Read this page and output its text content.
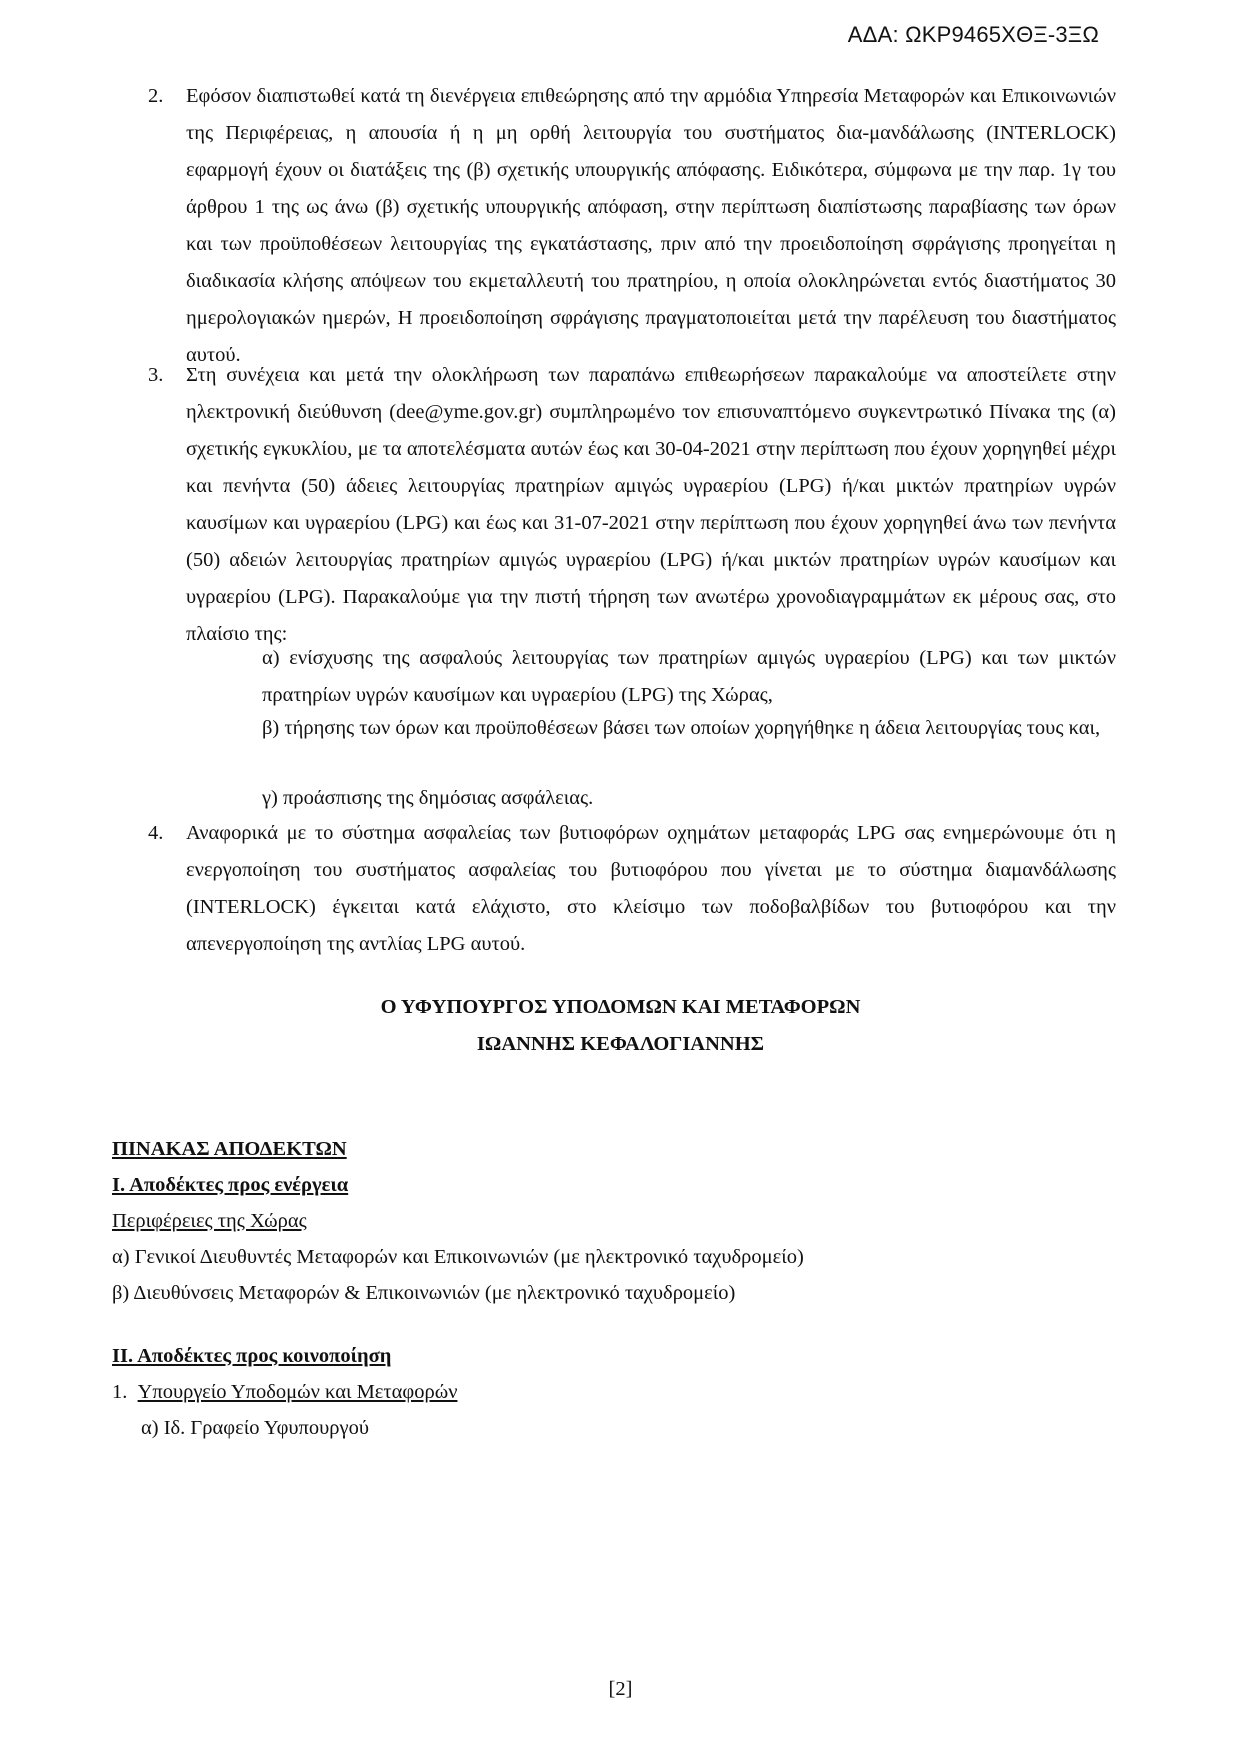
ΑΔΑ: ΩΚΡ9465ΧΘΞ-3ΞΩ
2.	Εφόσον διαπιστωθεί κατά τη διενέργεια επιθεώρησης από την αρμόδια Υπηρεσία Μεταφορών και Επικοινωνιών της Περιφέρειας, η απουσία ή η μη ορθή λειτουργία του συστήματος δια-μανδάλωσης (INTERLOCK) εφαρμογή έχουν οι διατάξεις της (β) σχετικής υπουργικής απόφασης. Ειδικότερα, σύμφωνα με την παρ. 1γ του άρθρου 1 της ως άνω (β) σχετικής υπουργικής απόφαση, στην περίπτωση διαπίστωσης παραβίασης των όρων και των προϋποθέσεων λειτουργίας της εγκατάστασης, πριν από την προειδοποίηση σφράγισης προηγείται η διαδικασία κλήσης απόψεων του εκμεταλλευτή του πρατηρίου, η οποία ολοκληρώνεται εντός διαστήματος 30 ημερολογιακών ημερών, Η προειδοποίηση σφράγισης πραγματοποιείται μετά την παρέλευση του διαστήματος αυτού.
3.	Στη συνέχεια και μετά την ολοκλήρωση των παραπάνω επιθεωρήσεων παρακαλούμε να αποστείλετε στην ηλεκτρονική διεύθυνση (dee@yme.gov.gr) συμπληρωμένο τον επισυναπτόμενο συγκεντρωτικό Πίνακα της (α) σχετικής εγκυκλίου, με τα αποτελέσματα αυτών έως και 30-04-2021 στην περίπτωση που έχουν χορηγηθεί μέχρι και πενήντα (50) άδειες λειτουργίας πρατηρίων αμιγώς υγραερίου (LPG) ή/και μικτών πρατηρίων υγρών καυσίμων και υγραερίου (LPG) και έως και 31-07-2021 στην περίπτωση που έχουν χορηγηθεί άνω των πενήντα (50) αδειών λειτουργίας πρατηρίων αμιγώς υγραερίου (LPG) ή/και μικτών πρατηρίων υγρών καυσίμων και υγραερίου (LPG). Παρακαλούμε για την πιστή τήρηση των ανωτέρω χρονοδιαγραμμάτων εκ μέρους σας, στο πλαίσιο της:
α) ενίσχυσης της ασφαλούς λειτουργίας των πρατηρίων αμιγώς υγραερίου (LPG) και των μικτών πρατηρίων υγρών καυσίμων και υγραερίου (LPG) της Χώρας,
β) τήρησης των όρων και προϋποθέσεων βάσει των οποίων χορηγήθηκε η άδεια λειτουργίας τους και,
γ) προάσπισης της δημόσιας ασφάλειας.
4.	Αναφορικά με το σύστημα ασφαλείας των βυτιοφόρων οχημάτων μεταφοράς LPG σας ενημερώνουμε ότι η ενεργοποίηση του συστήματος ασφαλείας του βυτιοφόρου που γίνεται με το σύστημα διαμανδάλωσης (INTERLOCK) έγκειται κατά ελάχιστο, στο κλείσιμο των ποδοβαλβίδων του βυτιοφόρου και την απενεργοποίηση της αντλίας LPG αυτού.
Ο ΥΦΥΠΟΥΡΓΟΣ ΥΠΟΔΟΜΩΝ ΚΑΙ ΜΕΤΑΦΟΡΩΝ
ΙΩΑΝΝΗΣ ΚΕΦΑΛΟΓΙΑΝΝΗΣ
ΠΙΝΑΚΑΣ ΑΠΟΔΕΚΤΩΝ
Ι. Αποδέκτες προς ενέργεια
Περιφέρειες της Χώρας
α) Γενικοί Διευθυντές Μεταφορών και Επικοινωνιών (με ηλεκτρονικό ταχυδρομείο)
β) Διευθύνσεις Μεταφορών & Επικοινωνιών (με ηλεκτρονικό ταχυδρομείο)
ΙΙ. Αποδέκτες προς κοινοποίηση
1. Υπουργείο Υποδομών και Μεταφορών
α) Ιδ. Γραφείο Υφυπουργού
[2]
